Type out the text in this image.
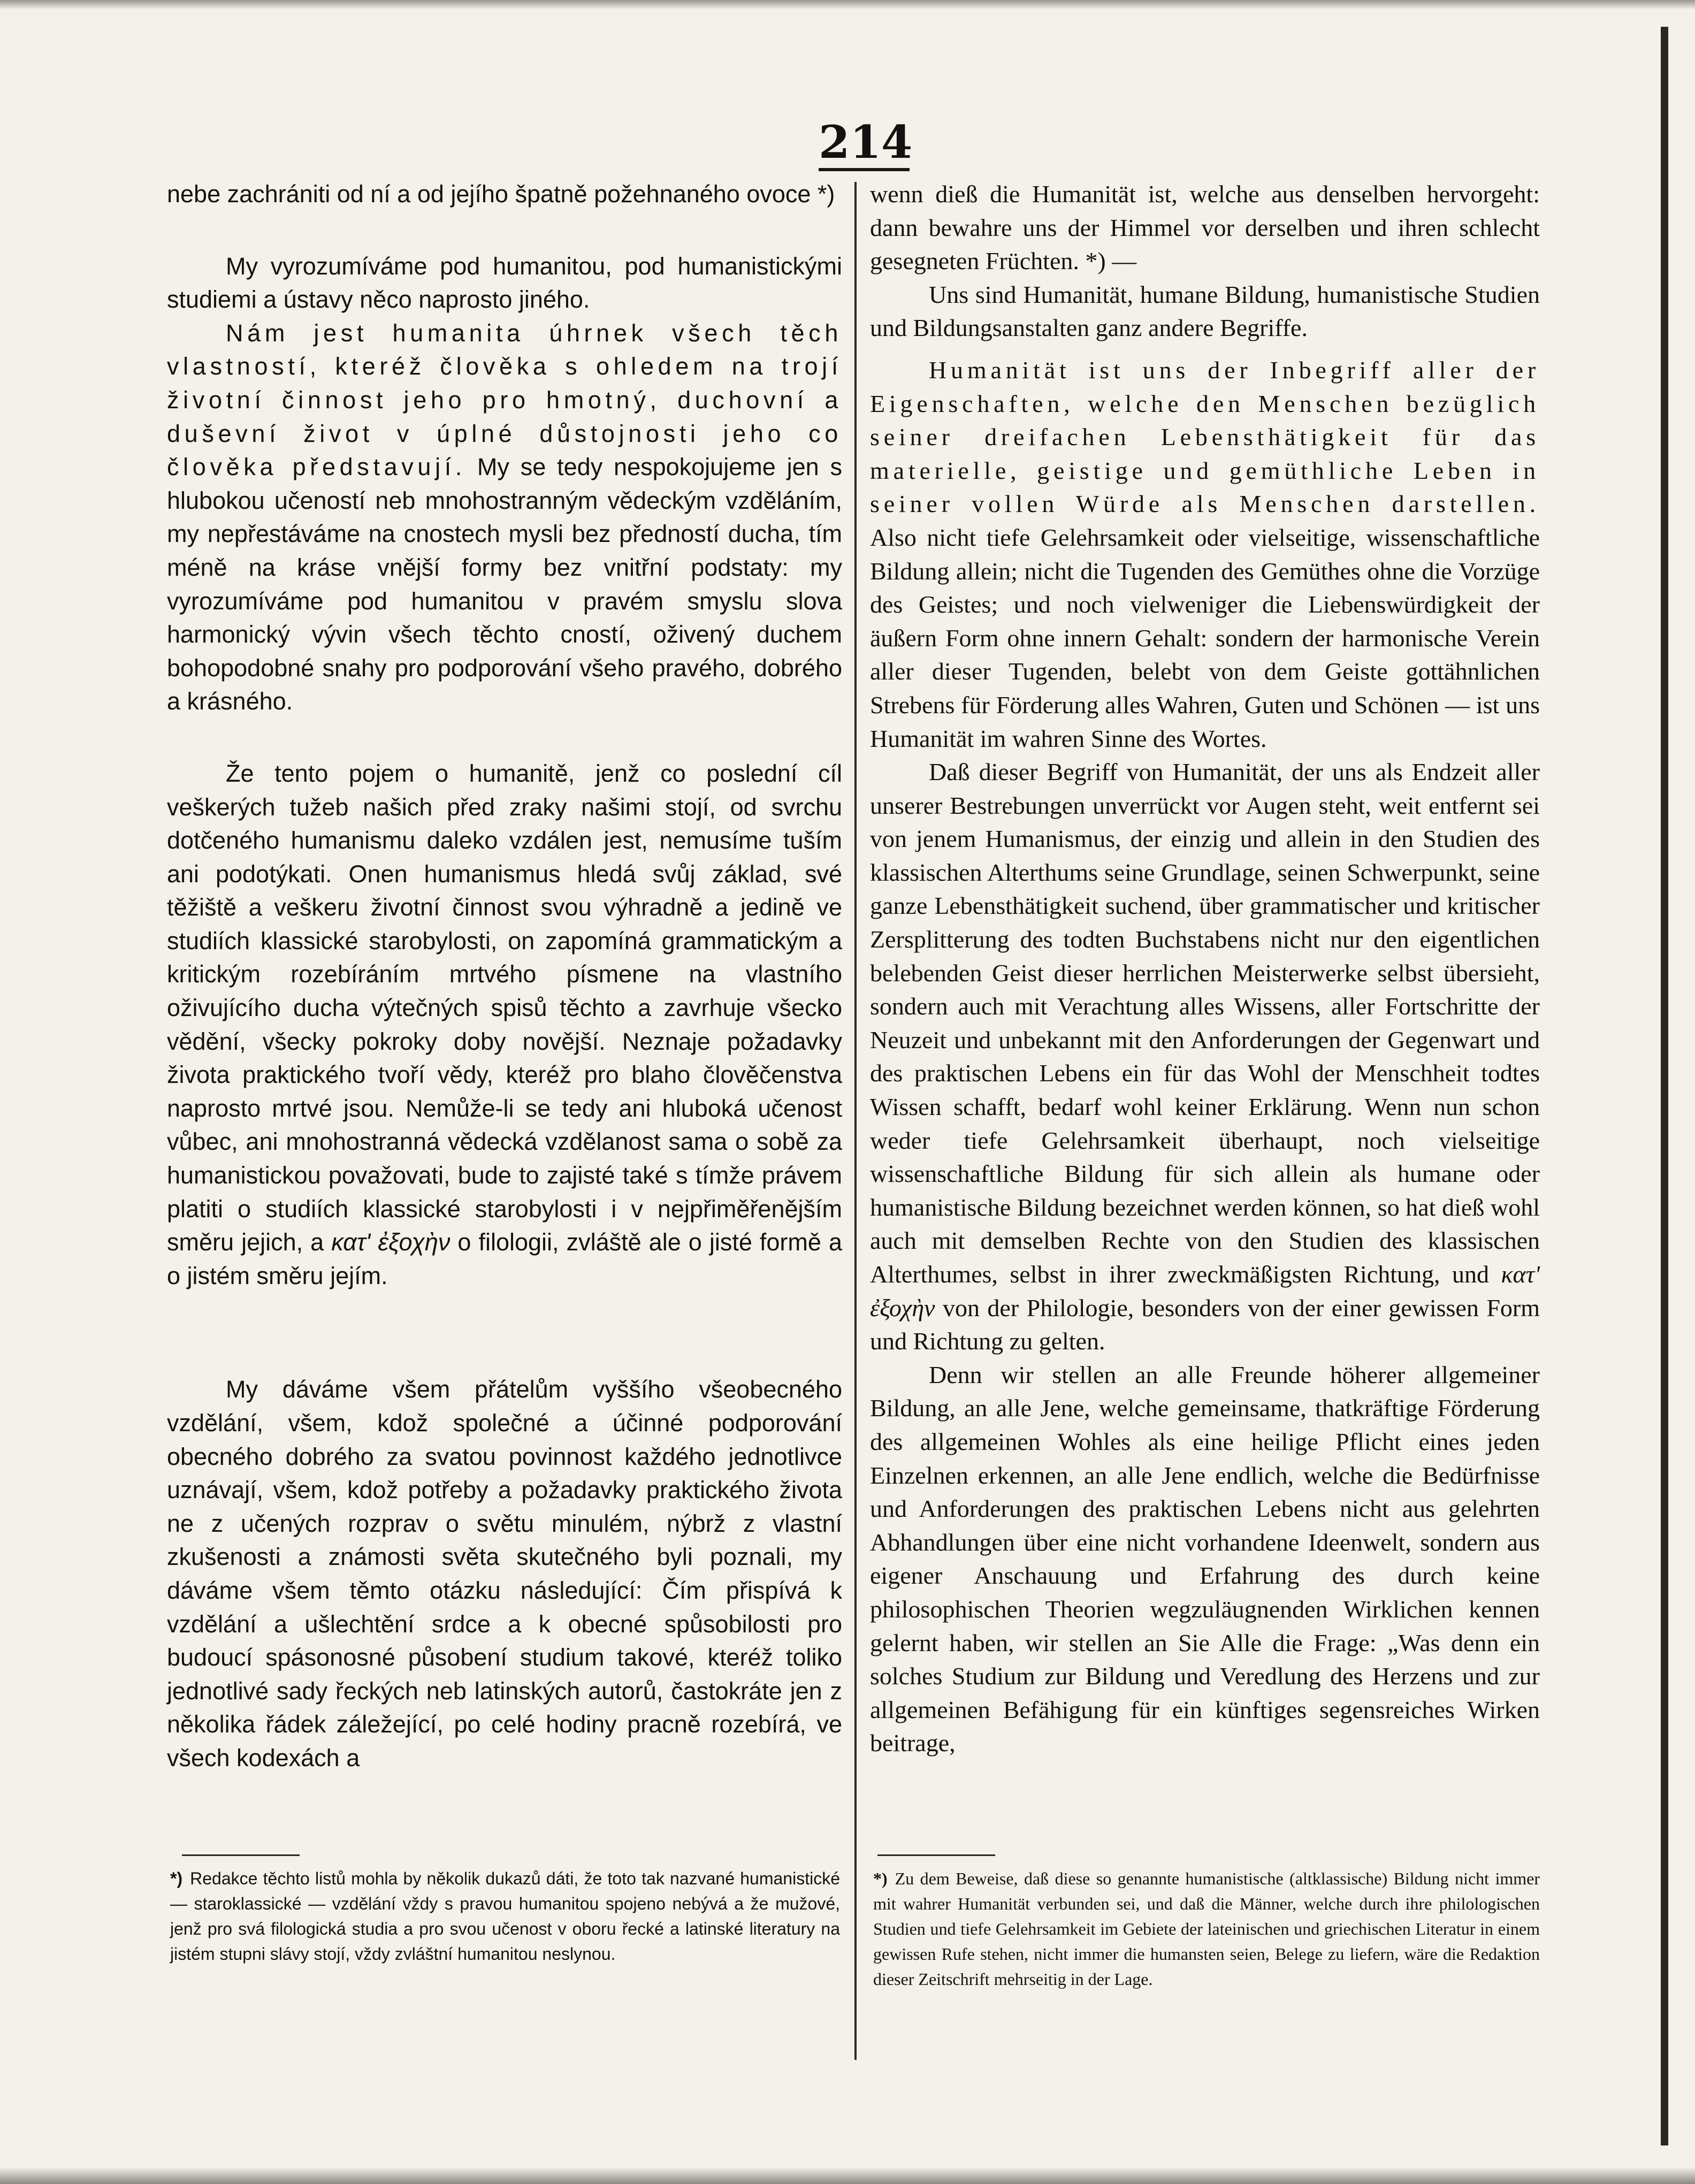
214

nebe zachrániti od ní a od jejího špatně požehnaného ovoce *)

My vyrozumíváme pod humanitou, pod humanistickými studiemi a ústavy něco naprosto jiného.

Nám jest humanita úhrnek všech těch vlastností, kteréž člověka s ohledem na trojí životní činnost jeho pro hmotný, duchovní a duševní život v úplné důstojnosti jeho co člověka představují. My se tedy nespokojujeme jen s hlubokou učeností neb mnohostranným vědeckým vzděláním, my nepřestáváme na cnostech mysli bez předností ducha, tím méně na kráse vnější formy bez vnitřní podstaty: my vyrozumíváme pod humanitou v pravém smyslu slova harmonický vývin všech těchto cností, oživený duchem bohopodobné snahy pro podporování všeho pravého, dobrého a krásného.

Že tento pojem o humanitě, jenž co poslední cíl veškerých tužeb našich před zraky našimi stojí, od svrchu dotčeného humanismu daleko vzdálen jest, nemusíme tuším ani podotýkati. Onen humanismus hledá svůj základ, své těžiště a veškeru životní činnost svou výhradně a jedině ve studiích klassické starobylosti, on zapomíná grammatickým a kritickým rozebíráním mrtvého písmene na vlastního oživujícího ducha výtečných spisů těchto a zavrhuje všecko vědění, všecky pokroky doby novější. Neznaje požadavky života praktického tvoří vědy, kteréž pro blaho člověčenstva naprosto mrtvé jsou. Nemůže-li se tedy ani hluboká učenost vůbec, ani mnohostranná vědecká vzdělanost sama o sobě za humanistickou považovati, bude to zajisté také s tímže právem platiti o studiích klassické starobylosti i v nejpřiměřenějším směru jejich, a κατ' ἐξοχὴν o filologii, zvláště ale o jisté formě a o jistém směru jejím.

My dáváme všem přátelům vyššího všeobecného vzdělání, všem, kdož společné a účinné podporování obecného dobrého za svatou povinnost každého jednotlivce uznávají, všem, kdož potřeby a požadavky praktického života ne z učených rozprav o světu minulém, nýbrž z vlastní zkušenosti a známosti světa skutečného byli poznali, my dáváme všem těmto otázku následující: Čím přispívá k vzdělání a ušlechtění srdce a k obecné spůsobilosti pro budoucí spásonosné působení studium takové, kteréž toliko jednotlivé sady řeckých neb latinských autorů, častokráte jen z několika řádek záležející, po celé hodiny pracně rozebírá, ve všech kodexách a

wenn dieß die Humanität ist, welche aus denselben hervorgeht: dann bewahre uns der Himmel vor derselben und ihren schlecht gesegneten Früchten. *) —

Uns sind Humanität, humane Bildung, humanistische Studien und Bildungsanstalten ganz andere Begriffe.

Humanität ist uns der Inbegriff aller der Eigenschaften, welche den Menschen bezüglich seiner dreifachen Lebensthätigkeit für das materielle, geistige und gemüthliche Leben in seiner vollen Würde als Menschen darstellen. Also nicht tiefe Gelehrsamkeit oder vielseitige, wissenschaftliche Bildung allein; nicht die Tugenden des Gemüthes ohne die Vorzüge des Geistes; und noch vielweniger die Liebenswürdigkeit der äußern Form ohne innern Gehalt: sondern der harmonische Verein aller dieser Tugenden, belebt von dem Geiste gottähnlichen Strebens für Förderung alles Wahren, Guten und Schönen — ist uns Humanität im wahren Sinne des Wortes.

Daß dieser Begriff von Humanität, der uns als Endzeit aller unserer Bestrebungen unverrückt vor Augen steht, weit entfernt sei von jenem Humanismus, der einzig und allein in den Studien des klassischen Alterthums seine Grundlage, seinen Schwerpunkt, seine ganze Lebensthätigkeit suchend, über grammatischer und kritischer Zersplitterung des todten Buchstabens nicht nur den eigentlichen belebenden Geist dieser herrlichen Meisterwerke selbst übersieht, sondern auch mit Verachtung alles Wissens, aller Fortschritte der Neuzeit und unbekannt mit den Anforderungen der Gegenwart und des praktischen Lebens ein für das Wohl der Menschheit todtes Wissen schafft, bedarf wohl keiner Erklärung. Wenn nun schon weder tiefe Gelehrsamkeit überhaupt, noch vielseitige wissenschaftliche Bildung für sich allein als humane oder humanistische Bildung bezeichnet werden können, so hat dieß wohl auch mit demselben Rechte von den Studien des klassischen Alterthumes, selbst in ihrer zweckmäßigsten Richtung, und κατ' ἐξοχὴν von der Philologie, besonders von der einer gewissen Form und Richtung zu gelten.

Denn wir stellen an alle Freunde höherer allgemeiner Bildung, an alle Jene, welche gemeinsame, thatkräftige Förderung des allgemeinen Wohles als eine heilige Pflicht eines jeden Einzelnen erkennen, an alle Jene endlich, welche die Bedürfnisse und Anforderungen des praktischen Lebens nicht aus gelehrten Abhandlungen über eine nicht vorhandene Ideenwelt, sondern aus eigener Anschauung und Erfahrung des durch keine philosophischen Theorien wegzuläugnenden Wirklichen kennen gelernt haben, wir stellen an Sie Alle die Frage: „Was denn ein solches Studium zur Bildung und Veredlung des Herzens und zur allgemeinen Befähigung für ein künftiges segensreiches Wirken beitrage,

*) Redakce těchto listů mohla by několik dukazů dáti, že toto tak nazvané humanistické — staroklassické — vzdělání vždy s pravou humanitou spojeno nebývá a že mužové, jenž pro svá filologická studia a pro svou učenost v oboru řecké a latinské literatury na jistém stupni slávy stojí, vždy zvláštní humanitou neslynou.
*) Zu dem Beweise, daß diese so genannte humanistische (altklassische) Bildung nicht immer mit wahrer Humanität verbunden sei, und daß die Männer, welche durch ihre philologischen Studien und tiefe Gelehrsamkeit im Gebiete der lateinischen und griechischen Literatur in einem gewissen Rufe stehen, nicht immer die humansten seien, Belege zu liefern, wäre die Redaktion dieser Zeitschrift mehrseitig in der Lage.
